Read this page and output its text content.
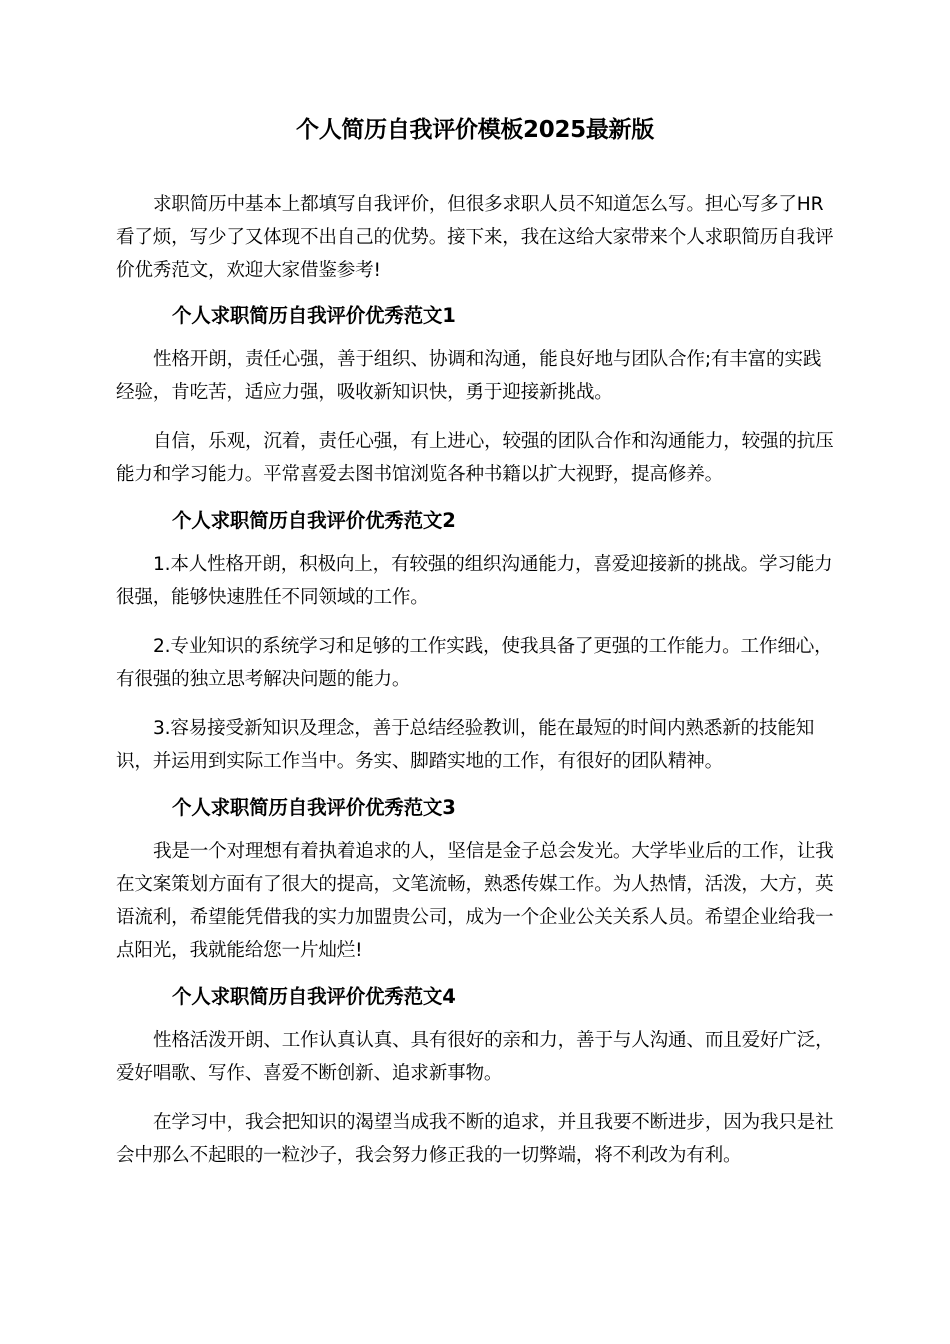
个人简历自我评价模板2025最新版

求职简历中基本上都填写自我评价，但很多求职人员不知道怎么写。担心写多了HR看了烦，写少了又体现不出自己的优势。接下来，我在这给大家带来个人求职简历自我评价优秀范文，欢迎大家借鉴参考!

个人求职简历自我评价优秀范文1

性格开朗，责任心强，善于组织、协调和沟通，能良好地与团队合作;有丰富的实践经验，肯吃苦，适应力强，吸收新知识快，勇于迎接新挑战。

自信，乐观，沉着，责任心强，有上进心，较强的团队合作和沟通能力，较强的抗压能力和学习能力。平常喜爱去图书馆浏览各种书籍以扩大视野，提高修养。

个人求职简历自我评价优秀范文2

1.本人性格开朗，积极向上，有较强的组织沟通能力，喜爱迎接新的挑战。学习能力很强，能够快速胜任不同领域的工作。

2.专业知识的系统学习和足够的工作实践，使我具备了更强的工作能力。工作细心，有很强的独立思考解决问题的能力。

3.容易接受新知识及理念，善于总结经验教训，能在最短的时间内熟悉新的技能知识，并运用到实际工作当中。务实、脚踏实地的工作，有很好的团队精神。

个人求职简历自我评价优秀范文3

我是一个对理想有着执着追求的人，坚信是金子总会发光。大学毕业后的工作，让我在文案策划方面有了很大的提高，文笔流畅，熟悉传媒工作。为人热情，活泼，大方，英语流利，希望能凭借我的实力加盟贵公司，成为一个企业公关关系人员。希望企业给我一点阳光，我就能给您一片灿烂!

个人求职简历自我评价优秀范文4

性格活泼开朗、工作认真认真、具有很好的亲和力，善于与人沟通、而且爱好广泛，爱好唱歌、写作、喜爱不断创新、追求新事物。

在学习中，我会把知识的渴望当成我不断的追求，并且我要不断进步，因为我只是社会中那么不起眼的一粒沙子，我会努力修正我的一切弊端，将不利改为有利。
